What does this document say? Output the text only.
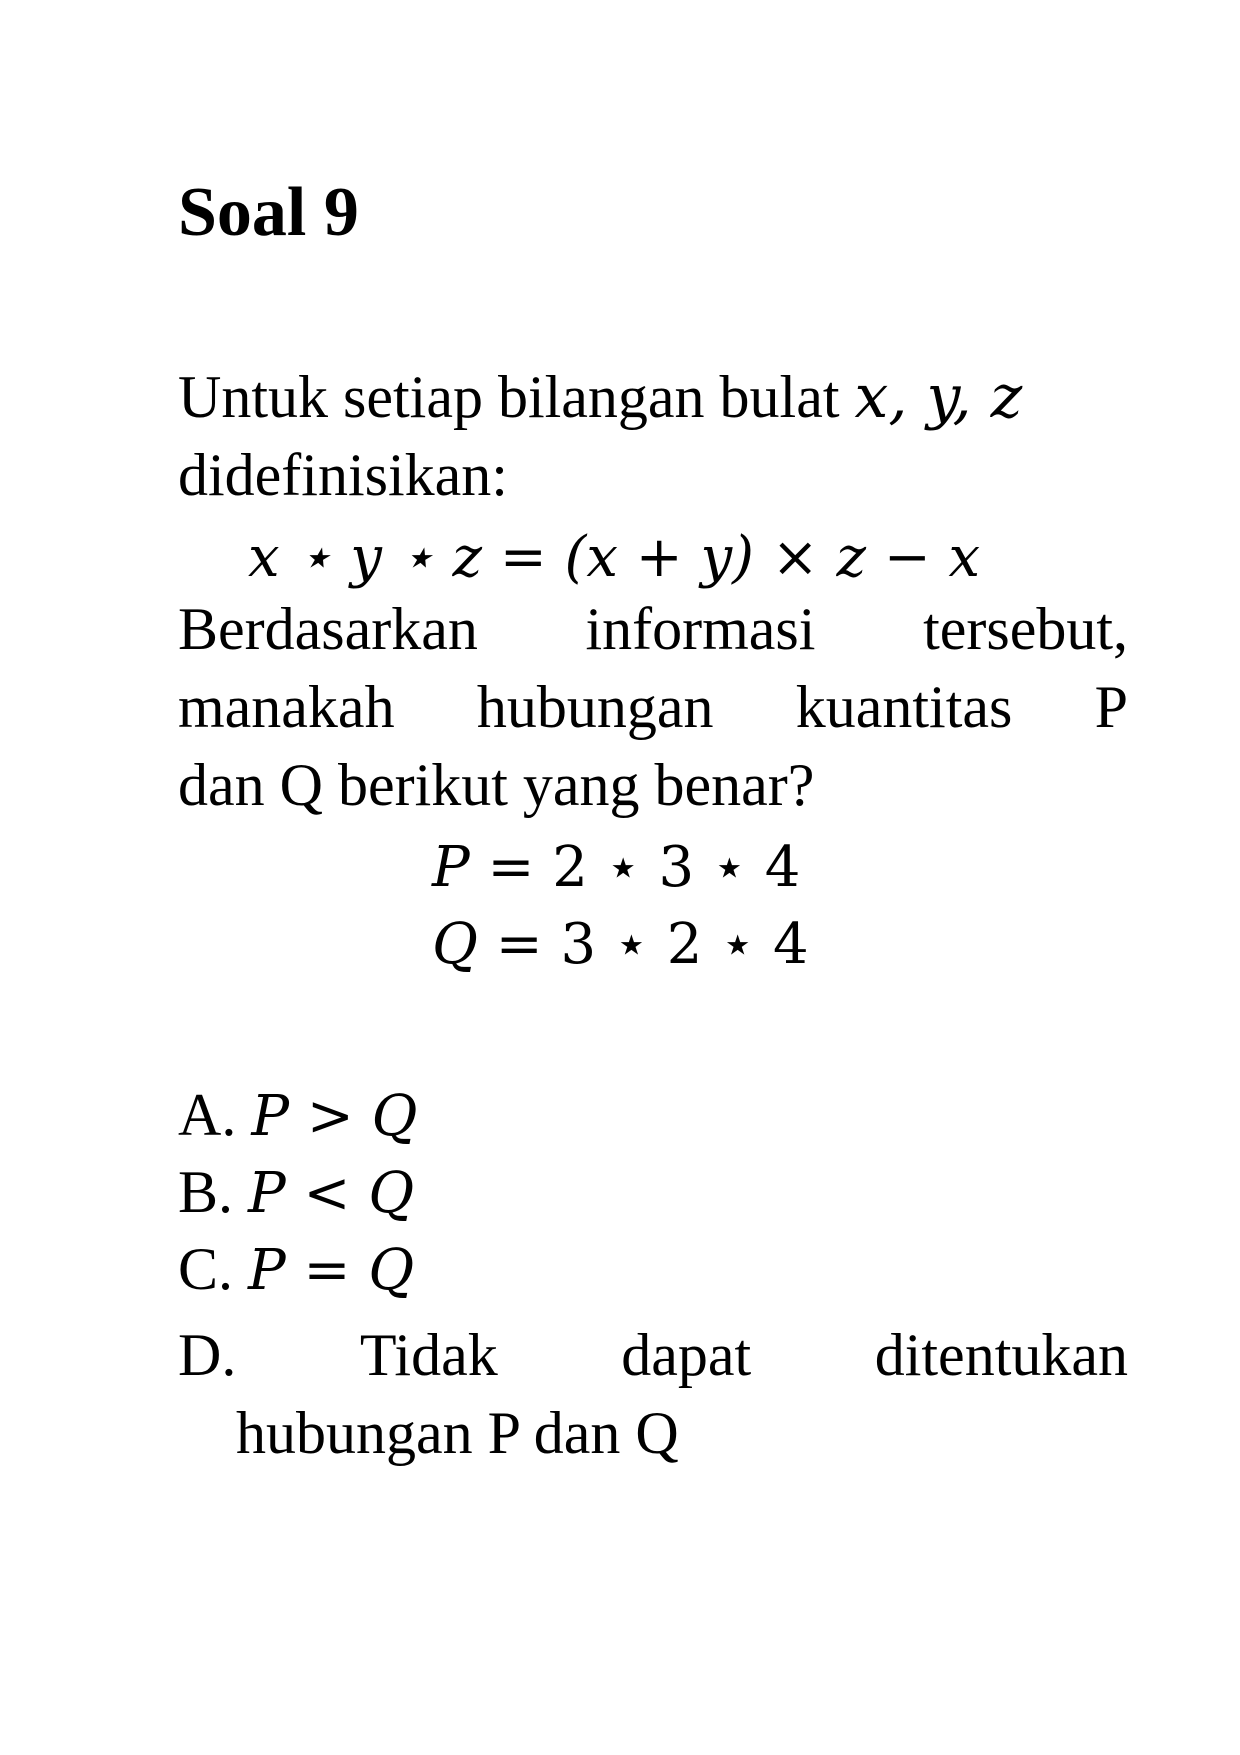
Soal 9
Untuk setiap bilangan bulat x, y, z
didefinisikan:
x ⋆ y ⋆ z = (x + y) × z − x
Berdasarkan informasi tersebut,
manakah hubungan kuantitas P
dan Q berikut yang benar?
P = 2 ⋆ 3 ⋆ 4
Q = 3 ⋆ 2 ⋆ 4
A. P > Q
B. P < Q
C. P = Q
D. Tidak dapat ditentukan
hubungan P dan Q
